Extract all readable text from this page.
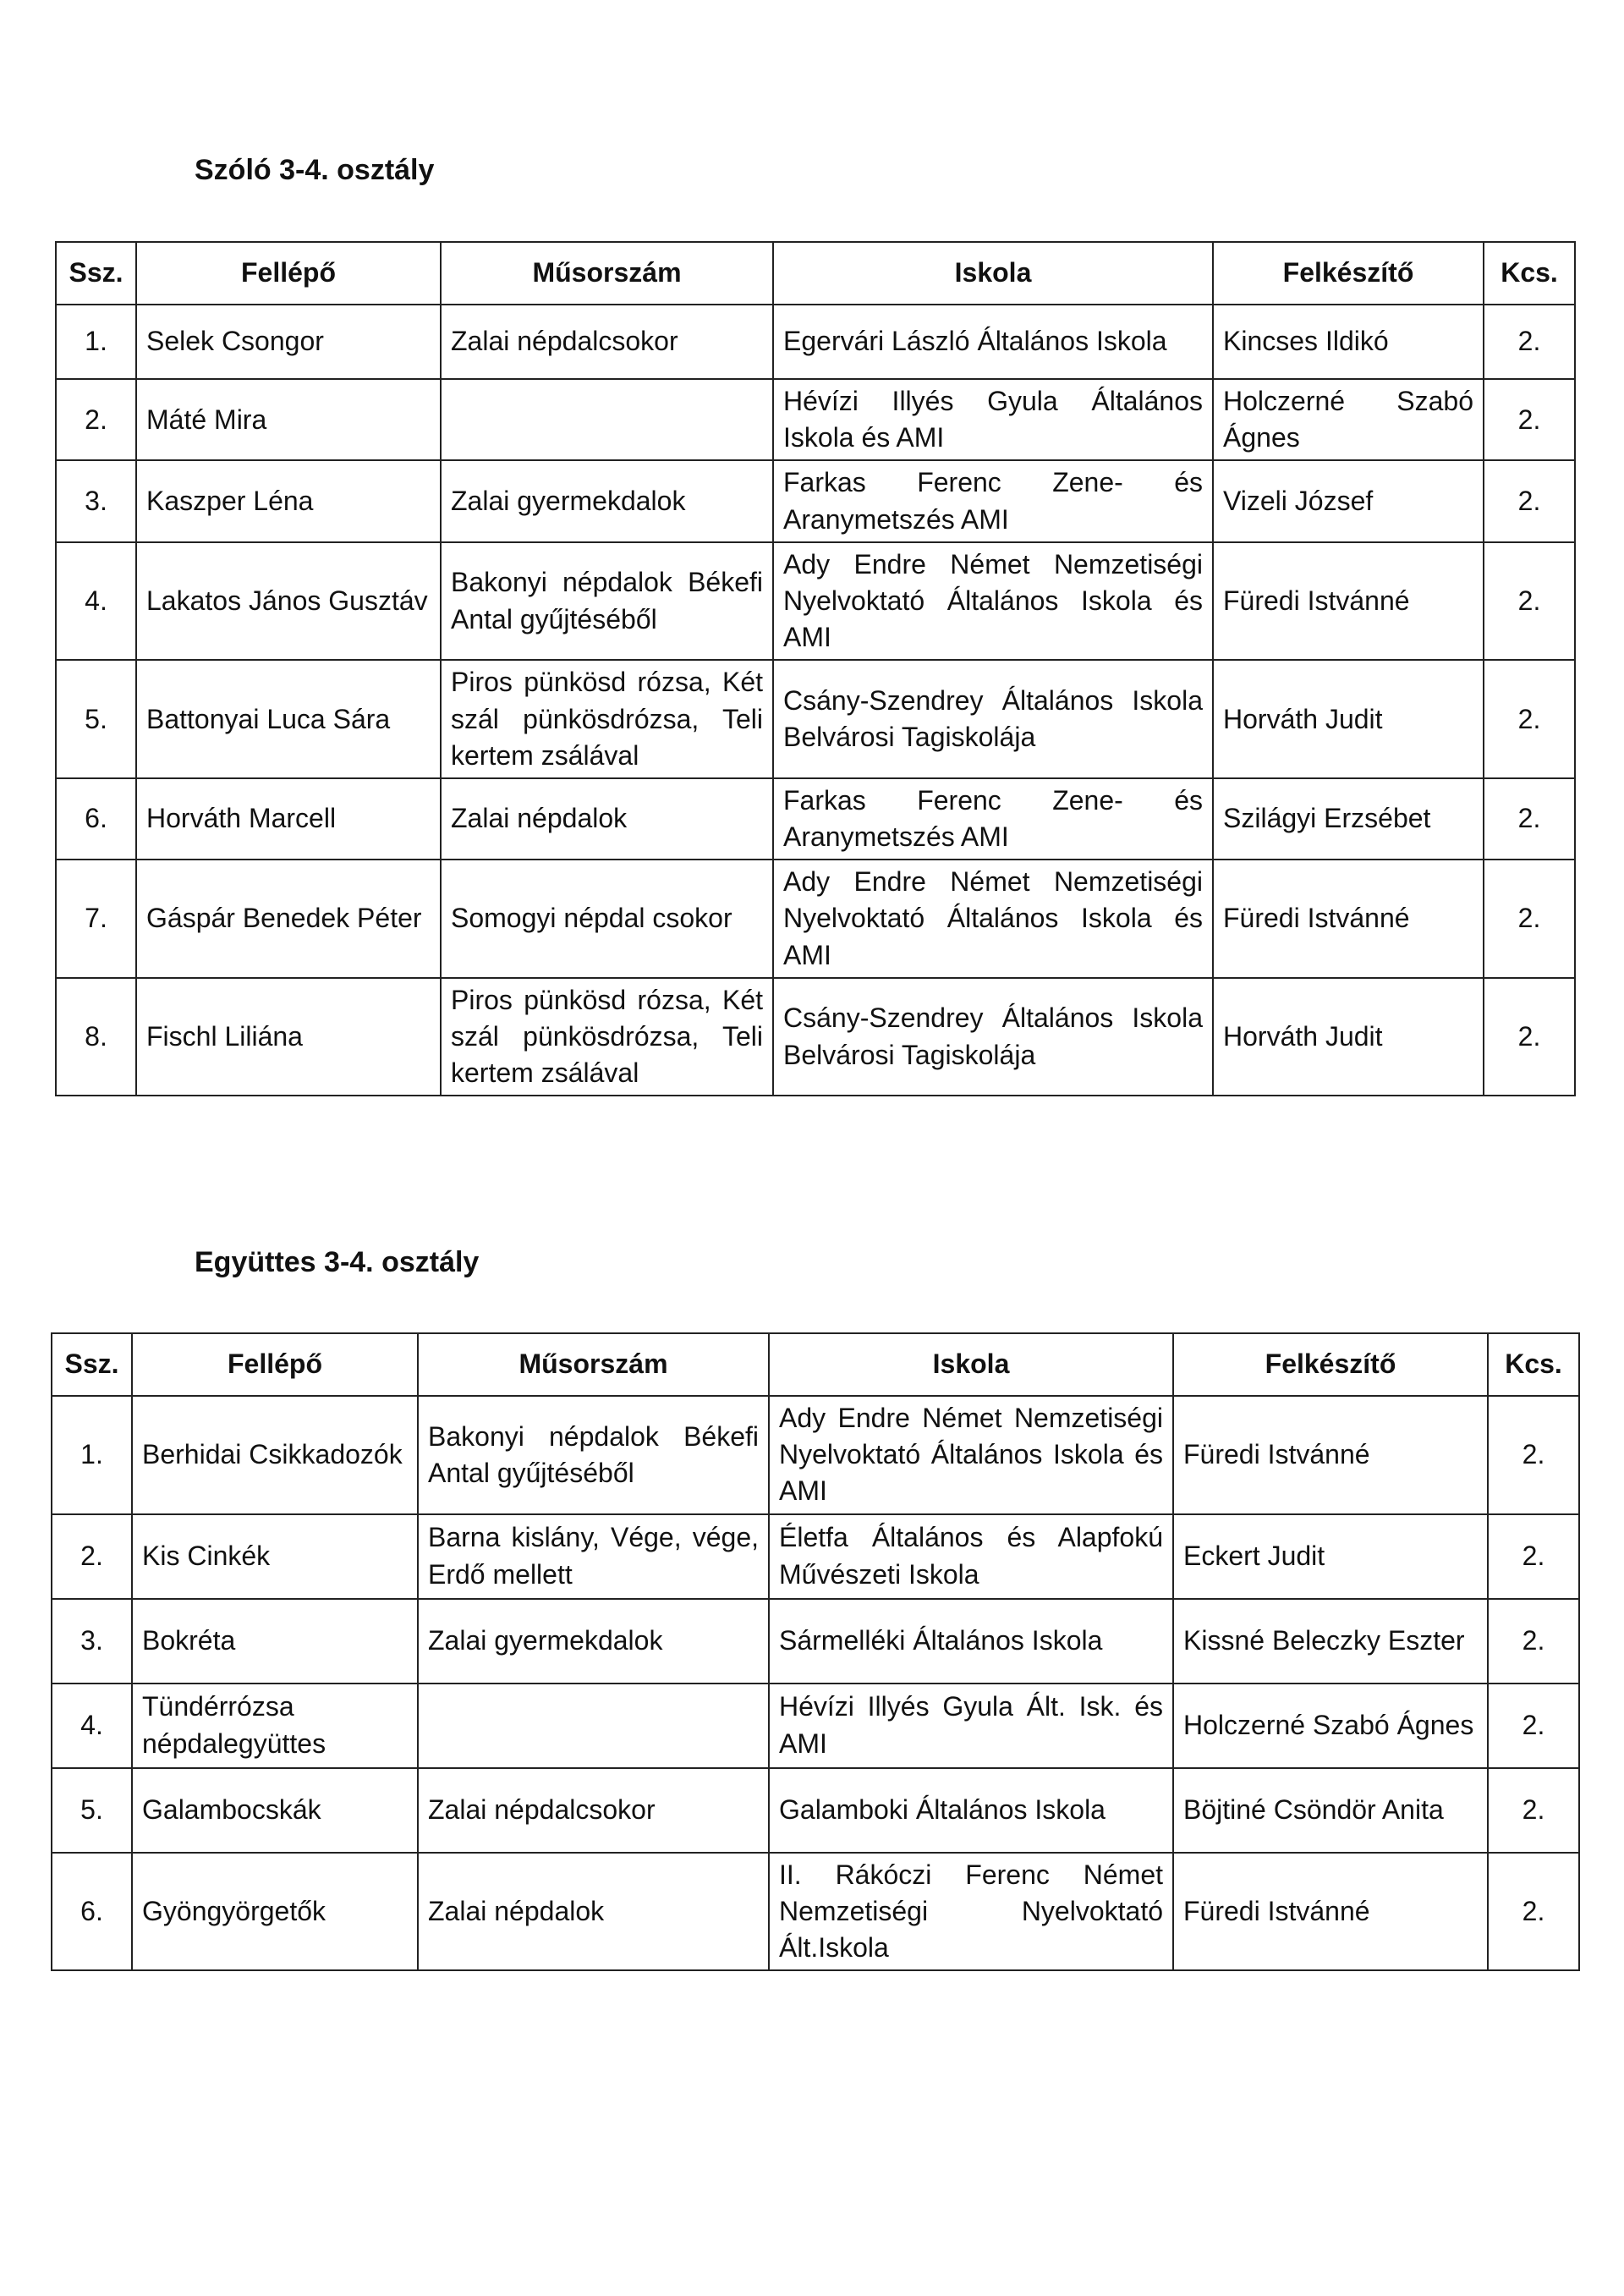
Szóló 3-4. osztály
Ssz.	Fellépő	Műsorszám	Iskola	Felkészítő	Kcs.
1.	Selek Csongor	Zalai népdalcsokor	Egervári László Általános Iskola	Kincses Ildikó	2.
2.	Máté Mira		Hévízi Illyés Gyula Általános Iskola és AMI	Holczerné Szabó Ágnes	2.
3.	Kaszper Léna	Zalai gyermekdalok	Farkas Ferenc Zene- és Aranymetszés AMI	Vizeli József	2.
4.	Lakatos János Gusztáv	Bakonyi népdalok Békefi Antal gyűjtéséből	Ady Endre Német Nemzetiségi Nyelvoktató Általános Iskola és AMI	Füredi Istvánné	2.
5.	Battonyai Luca Sára	Piros pünkösd rózsa, Két szál pünkösdrózsa, Teli kertem zsálával	Csány-Szendrey Általános Iskola Belvárosi Tagiskolája	Horváth Judit	2.
6.	Horváth Marcell	Zalai népdalok	Farkas Ferenc Zene- és Aranymetszés AMI	Szilágyi Erzsébet	2.
7.	Gáspár Benedek Péter	Somogyi népdal csokor	Ady Endre Német Nemzetiségi Nyelvoktató Általános Iskola és AMI	Füredi Istvánné	2.
8.	Fischl Liliána	Piros pünkösd rózsa, Két szál pünkösdrózsa, Teli kertem zsálával	Csány-Szendrey Általános Iskola Belvárosi Tagiskolája	Horváth Judit	2.
Együttes 3-4. osztály
Ssz.	Fellépő	Műsorszám	Iskola	Felkészítő	Kcs.
1.	Berhidai Csikkadozók	Bakonyi népdalok Békefi Antal gyűjtéséből	Ady Endre Német Nemzetiségi Nyelvoktató Általános Iskola és AMI	Füredi Istvánné	2.
2.	Kis Cinkék	Barna kislány, Vége, vége, Erdő mellett	Életfa Általános és Alapfokú Művészeti Iskola	Eckert Judit	2.
3.	Bokréta	Zalai gyermekdalok	Sármelléki Általános Iskola	Kissné Beleczky Eszter	2.
4.	Tündérrózsa népdalegyüttes		Hévízi Illyés Gyula Ált. Isk. és AMI	Holczerné Szabó Ágnes	2.
5.	Galambocskák	Zalai népdalcsokor	Galamboki Általános Iskola	Böjtiné Csöndör Anita	2.
6.	Gyöngyörgetők	Zalai népdalok	II. Rákóczi Ferenc Német Nemzetiségi Nyelvoktató Ált.Iskola	Füredi Istvánné	2.
